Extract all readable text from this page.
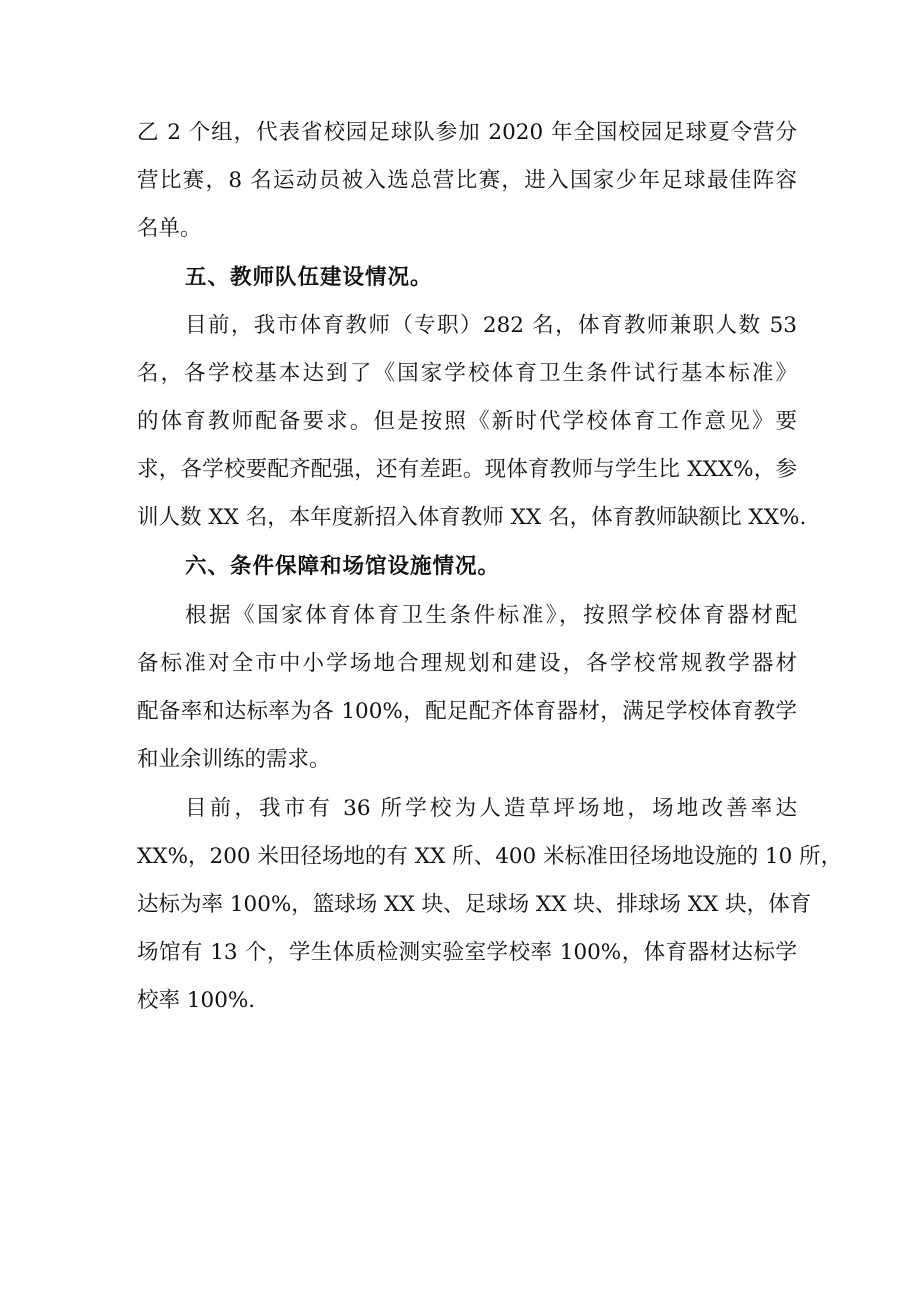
乙 2 个组，代表省校园足球队参加 2020 年全国校园足球夏令营分
营比赛，8 名运动员被入选总营比赛，进入国家少年足球最佳阵容
名单。
五、教师队伍建设情况。
目前，我市体育教师（专职）282 名，体育教师兼职人数 53
名，各学校基本达到了《国家学校体育卫生条件试行基本标准》
的体育教师配备要求。但是按照《新时代学校体育工作意见》要
求，各学校要配齐配强，还有差距。现体育教师与学生比 XXX%，参
训人数 XX 名，本年度新招入体育教师 XX 名，体育教师缺额比 XX%.
六、条件保障和场馆设施情况。
根据《国家体育体育卫生条件标准》，按照学校体育器材配
备标准对全市中小学场地合理规划和建设，各学校常规教学器材
配备率和达标率为各 100%，配足配齐体育器材，满足学校体育教学
和业余训练的需求。
目前，我市有 36 所学校为人造草坪场地，场地改善率达
XX%，200 米田径场地的有 XX 所、400 米标准田径场地设施的 10 所，
达标为率 100%，篮球场 XX 块、足球场 XX 块、排球场 XX 块，体育
场馆有 13 个，学生体质检测实验室学校率 100%，体育器材达标学
校率 100%.
